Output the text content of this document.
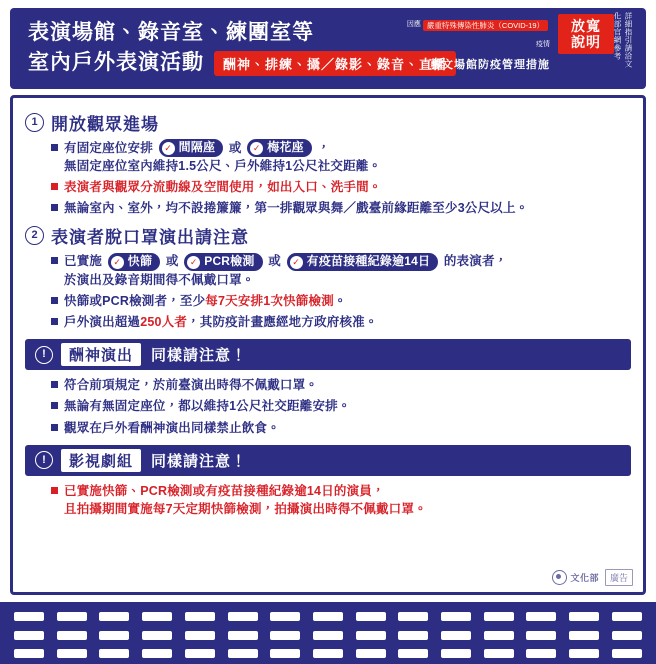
表演場館、錄音室、練團室等
室內戶外表演活動	酬神、排練、攝／錄影、錄音、直播
因應 嚴重特殊傳染性肺炎（COVID-19）疫情
藝文場館防疫管理措施
放寬說明	詳細指引請洽文化部官網參考
1 開放觀眾進場
有固定座位安排 ✓ 間隔座 或 ✓ 梅花座 ，
無固定座位室內維持1.5公尺、戶外維持1公尺社交距離。
表演者與觀眾分流動線及空間使用，如出入口、洗手間。
無論室內、室外，均不設捲簾簾，第一排觀眾與舞／戲臺前緣距離至少3公尺以上。
2 表演者脫口罩演出請注意
已實施 ✓ 快篩 或 ✓ PCR檢測 或 ✓ 有疫苗接種紀錄逾14日 的表演者，
於演出及錄音期間得不佩戴口罩。
快篩或PCR檢測者，至少每7天安排1次快篩檢測。
戶外演出超過250人者，其防疫計畫應經地方政府核准。
!	酬神演出	同樣請注意！
符合前項規定，於前臺演出時得不佩戴口罩。
無論有無固定座位，都以維持1公尺社交距離安排。
觀眾在戶外看酬神演出同樣禁止飲食。
!	影視劇組	同樣請注意！
已實施快篩、PCR檢測或有疫苗接種紀錄逾14日的演員，
且拍攝期間實施每7天定期快篩檢測，拍攝演出時得不佩戴口罩。
文化部	廣告
